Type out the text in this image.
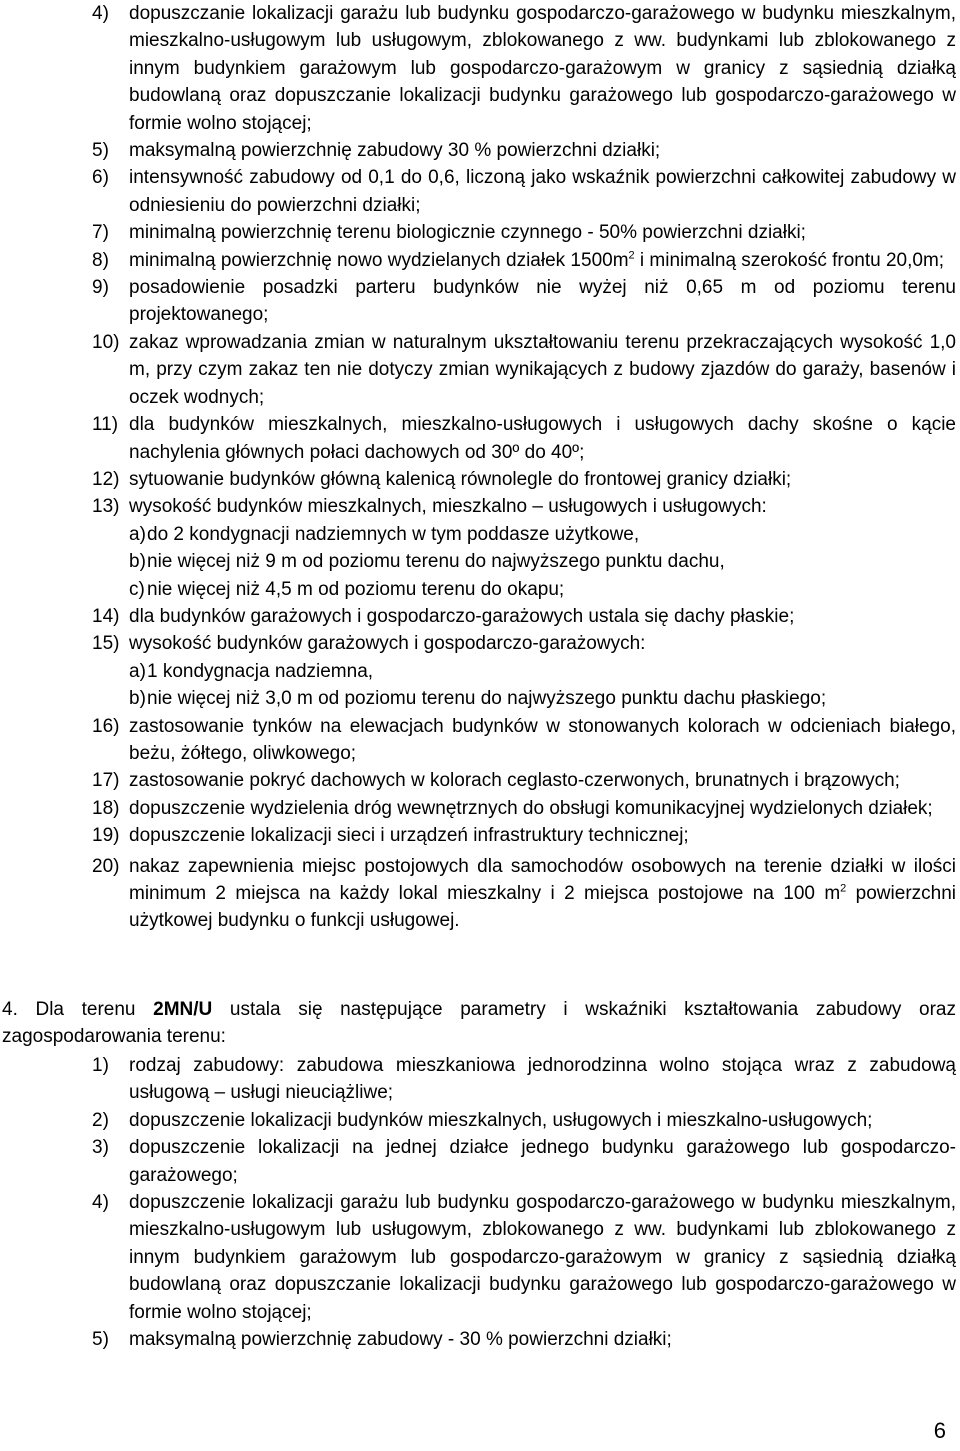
4) dopuszczanie lokalizacji garażu lub budynku gospodarczo-garażowego w budynku mieszkalnym, mieszkalno-usługowym lub usługowym, zblokowanego z ww. budynkami lub zblokowanego z innym budynkiem garażowym lub gospodarczo-garażowym w granicy z sąsiednią działką budowlaną oraz dopuszczanie lokalizacji budynku garażowego lub gospodarczo-garażowego w formie wolno stojącej;
5) maksymalną powierzchnię zabudowy 30 % powierzchni działki;
6) intensywność zabudowy od 0,1 do 0,6, liczoną jako wskaźnik powierzchni całkowitej zabudowy w odniesieniu do powierzchni działki;
7) minimalną powierzchnię terenu biologicznie czynnego - 50% powierzchni działki;
8) minimalną powierzchnię nowo wydzielanych działek $1500m^2$ i minimalną szerokość frontu 20,0m;
9) posadowienie posadzki parteru budynków nie wyżej niż 0,65 m od poziomu terenu projektowanego;
10) zakaz wprowadzania zmian w naturalnym ukształtowaniu terenu przekraczających wysokość 1,0 m, przy czym zakaz ten nie dotyczy zmian wynikających z budowy zjazdów do garaży, basenów i oczek wodnych;
11) dla budynków mieszkalnych, mieszkalno-usługowych i usługowych dachy skośne o kącie nachylenia głównych połaci dachowych od 30º do 40º;
12) sytuowanie budynków główną kalenicą równolegle do frontowej granicy działki;
13) wysokość budynków mieszkalnych, mieszkalno – usługowych i usługowych:
a) do 2 kondygnacji nadziemnych w tym poddasze użytkowe,
b) nie więcej niż 9 m od poziomu terenu do najwyższego punktu dachu,
c) nie więcej niż 4,5 m od poziomu terenu do okapu;
14) dla budynków garażowych i gospodarczo-garażowych ustala się dachy płaskie;
15) wysokość budynków garażowych i gospodarczo-garażowych:
a) 1 kondygnacja nadziemna,
b) nie więcej niż 3,0 m od poziomu terenu do najwyższego punktu dachu płaskiego;
16) zastosowanie tynków na elewacjach budynków w stonowanych kolorach w odcieniach białego, beżu, żółtego, oliwkowego;
17) zastosowanie pokryć dachowych w kolorach ceglasto-czerwonych, brunatnych i brązowych;
18) dopuszczenie wydzielenia dróg wewnętrznych do obsługi komunikacyjnej wydzielonych działek;
19) dopuszczenie lokalizacji sieci i urządzeń infrastruktury technicznej;
20) nakaz zapewnienia miejsc postojowych dla samochodów osobowych na terenie działki w ilości minimum 2 miejsca na każdy lokal mieszkalny i 2 miejsca postojowe na 100 $m^2$ powierzchni użytkowej budynku o funkcji usługowej.
4. Dla terenu 2MN/U ustala się następujące parametry i wskaźniki kształtowania zabudowy oraz zagospodarowania terenu:
1) rodzaj zabudowy: zabudowa mieszkaniowa jednorodzinna wolno stojąca wraz z zabudową usługową – usługi nieuciążliwe;
2) dopuszczenie lokalizacji budynków mieszkalnych, usługowych i mieszkalno-usługowych;
3) dopuszczenie lokalizacji na jednej działce jednego budynku garażowego lub gospodarczo-garażowego;
4) dopuszczenie lokalizacji garażu lub budynku gospodarczo-garażowego w budynku mieszkalnym, mieszkalno-usługowym lub usługowym, zblokowanego z ww. budynkami lub zblokowanego z innym budynkiem garażowym lub gospodarczo-garażowym w granicy z sąsiednią działką budowlaną oraz dopuszczanie lokalizacji budynku garażowego lub gospodarczo-garażowego w formie wolno stojącej;
5) maksymalną powierzchnię zabudowy - 30 % powierzchni działki;
6
